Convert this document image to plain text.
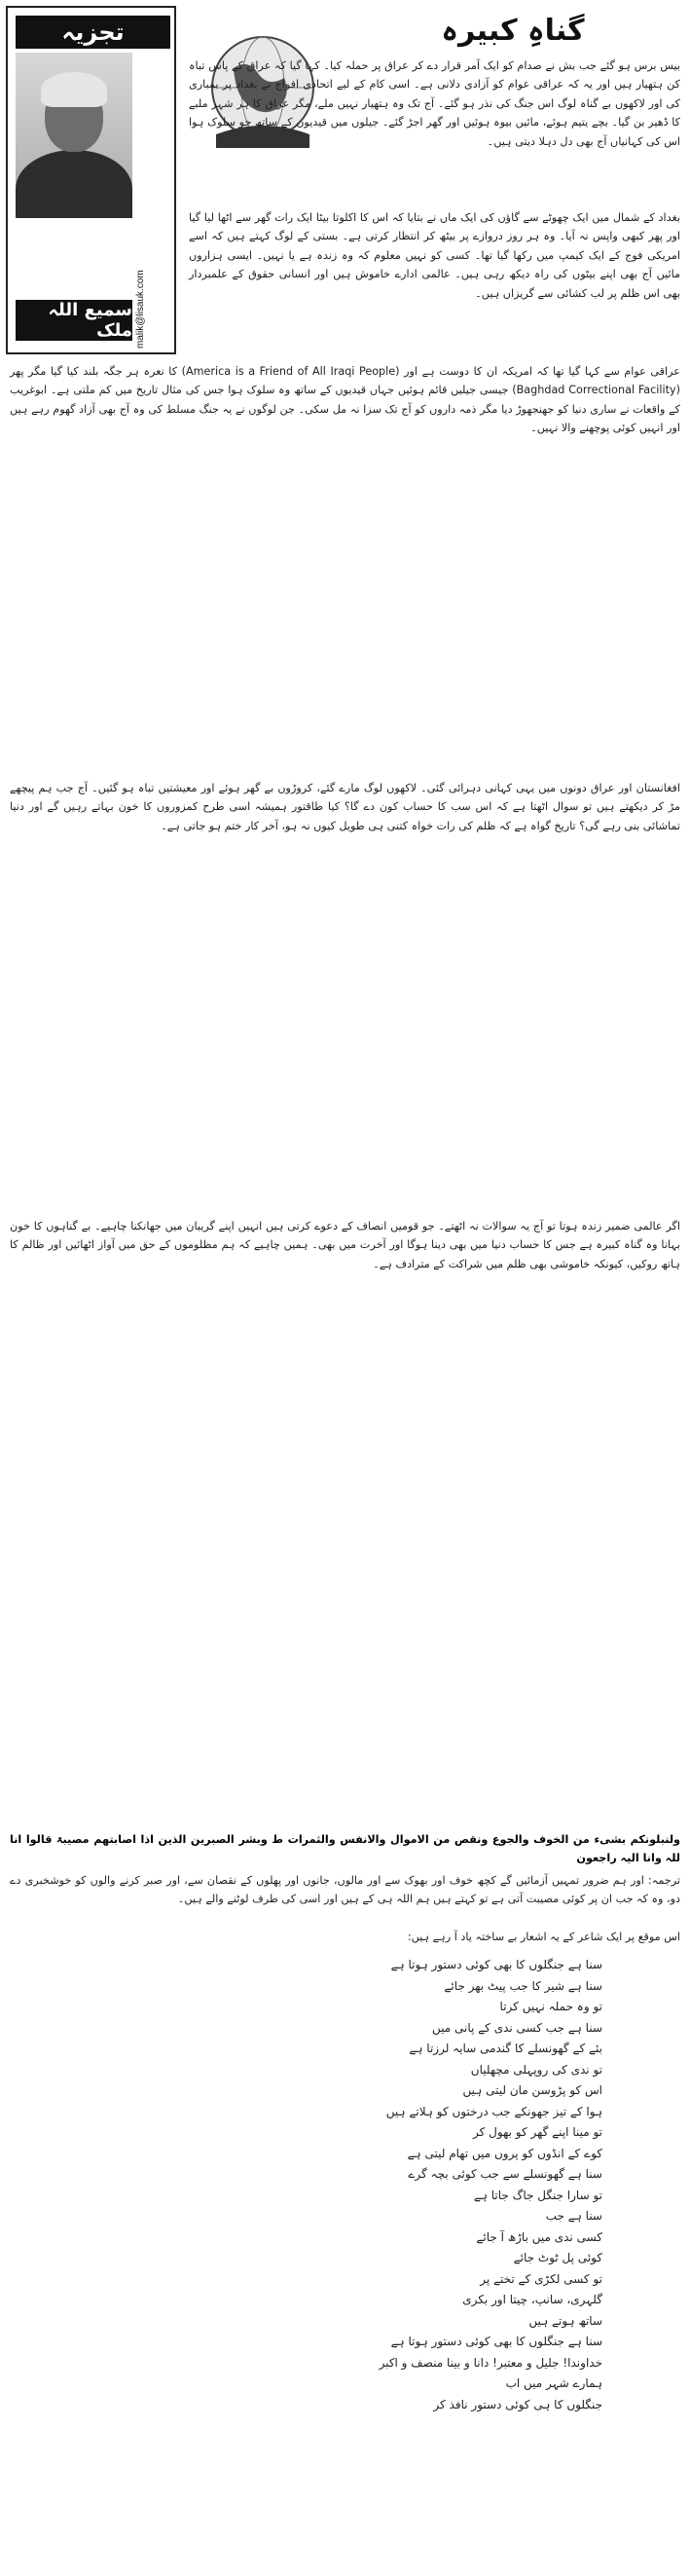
تجزیہ
malik@lisauk.com
سمیع اللہ ملک
گناہِ کبیرہ
بیس برس ہو گئے جب بش نے صدام کو ایک آمر قرار دے کر عراق پر حملہ کیا۔ کہا گیا کہ عراق کے پاس تباہ کن ہتھیار ہیں اور یہ کہ عراقی عوام کو آزادی دلانی ہے۔ اسی کام کے لیے اتحادی افواج نے بغداد پر بمباری کی اور لاکھوں بے گناہ لوگ اس جنگ کی نذر ہو گئے۔ آج تک وہ ہتھیار نہیں ملے، مگر عراق کا ہر شہر ملبے کا ڈھیر بن گیا۔ بچے یتیم ہوئے، مائیں بیوہ ہوئیں اور گھر اجڑ گئے۔ جیلوں میں قیدیوں کے ساتھ جو سلوک ہوا اس کی کہانیاں آج بھی دل دہلا دیتی ہیں۔
بغداد کے شمال میں ایک چھوٹے سے گاؤں کی ایک ماں نے بتایا کہ اس کا اکلوتا بیٹا ایک رات گھر سے اٹھا لیا گیا اور پھر کبھی واپس نہ آیا۔ وہ ہر روز دروازے پر بیٹھ کر انتظار کرتی ہے۔ بستی کے لوگ کہتے ہیں کہ اسے امریکی فوج کے ایک کیمپ میں رکھا گیا تھا۔ کسی کو نہیں معلوم کہ وہ زندہ ہے یا نہیں۔ ایسی ہزاروں مائیں آج بھی اپنے بیٹوں کی راہ دیکھ رہی ہیں۔ عالمی ادارے خاموش ہیں اور انسانی حقوق کے علمبردار بھی اس ظلم پر لب کشائی سے گریزاں ہیں۔
عراقی عوام سے کہا گیا تھا کہ امریکہ ان کا دوست ہے اور (America is a Friend of All Iraqi People) کا نعرہ ہر جگہ بلند کیا گیا مگر پھر (Baghdad Correctional Facility) جیسی جیلیں قائم ہوئیں جہاں قیدیوں کے ساتھ وہ سلوک ہوا جس کی مثال تاریخ میں کم ملتی ہے۔ ابوغریب کے واقعات نے ساری دنیا کو جھنجھوڑ دیا مگر ذمہ داروں کو آج تک سزا نہ مل سکی۔ جن لوگوں نے یہ جنگ مسلط کی وہ آج بھی آزاد گھوم رہے ہیں اور انہیں کوئی پوچھنے والا نہیں۔
افغانستان اور عراق دونوں میں یہی کہانی دہرائی گئی۔ لاکھوں لوگ مارے گئے، کروڑوں بے گھر ہوئے اور معیشتیں تباہ ہو گئیں۔ آج جب ہم پیچھے مڑ کر دیکھتے ہیں تو سوال اٹھتا ہے کہ اس سب کا حساب کون دے گا؟ کیا طاقتور ہمیشہ اسی طرح کمزوروں کا خون بہاتے رہیں گے اور دنیا تماشائی بنی رہے گی؟ تاریخ گواہ ہے کہ ظلم کی رات خواہ کتنی ہی طویل کیوں نہ ہو، آخر کار ختم ہو جاتی ہے۔
اگر عالمی ضمیر زندہ ہوتا تو آج یہ سوالات نہ اٹھتے۔ جو قومیں انصاف کے دعوے کرتی ہیں انہیں اپنے گریبان میں جھانکنا چاہیے۔ بے گناہوں کا خون بہانا وہ گناہ کبیرہ ہے جس کا حساب دنیا میں بھی دینا ہوگا اور آخرت میں بھی۔ ہمیں چاہیے کہ ہم مظلوموں کے حق میں آواز اٹھائیں اور ظالم کا ہاتھ روکیں، کیونکہ خاموشی بھی ظلم میں شراکت کے مترادف ہے۔
ولنبلونکم بشیء من الخوف والجوع ونقص من الاموال والانفس والثمرات ط وبشر الصبرین الذین اذا اصابتھم مصیبۃ قالوا انا للہ وانا الیہ راجعون
ترجمہ: اور ہم ضرور تمہیں آزمائیں گے کچھ خوف اور بھوک سے اور مالوں، جانوں اور پھلوں کے نقصان سے، اور صبر کرنے والوں کو خوشخبری دے دو، وہ کہ جب ان پر کوئی مصیبت آتی ہے تو کہتے ہیں ہم اللہ ہی کے ہیں اور اسی کی طرف لوٹنے والے ہیں۔
اس موقع پر ایک شاعر کے یہ اشعار بے ساختہ یاد آ رہے ہیں:
سنا ہے جنگلوں کا بھی کوئی دستور ہوتا ہے
سنا ہے شیر کا جب پیٹ بھر جائے
تو وہ حملہ نہیں کرتا
سنا ہے جب کسی ندی کے پانی میں
بئے کے گھونسلے کا گندمی سایہ لرزتا ہے
تو ندی کی روپہلی مچھلیاں
اس کو پڑوسن مان لیتی ہیں
ہوا کے تیز جھونکے جب درختوں کو ہلاتے ہیں
تو مینا اپنے گھر کو بھول کر
کوے کے انڈوں کو پروں میں تھام لیتی ہے
سنا ہے گھونسلے سے جب کوئی بچہ گرے
تو سارا جنگل جاگ جاتا ہے
سنا ہے جب
کسی ندی میں باڑھ آ جائے
کوئی پل ٹوٹ جائے
تو کسی لکڑی کے تختے پر
گلہری، سانپ، چیتا اور بکری
ساتھ ہوتے ہیں
سنا ہے جنگلوں کا بھی کوئی دستور ہوتا ہے
خداوندا! جلیل و معتبر! دانا و بینا منصف و اکبر
ہمارے شہر میں اب
جنگلوں کا ہی کوئی دستور نافذ کر
